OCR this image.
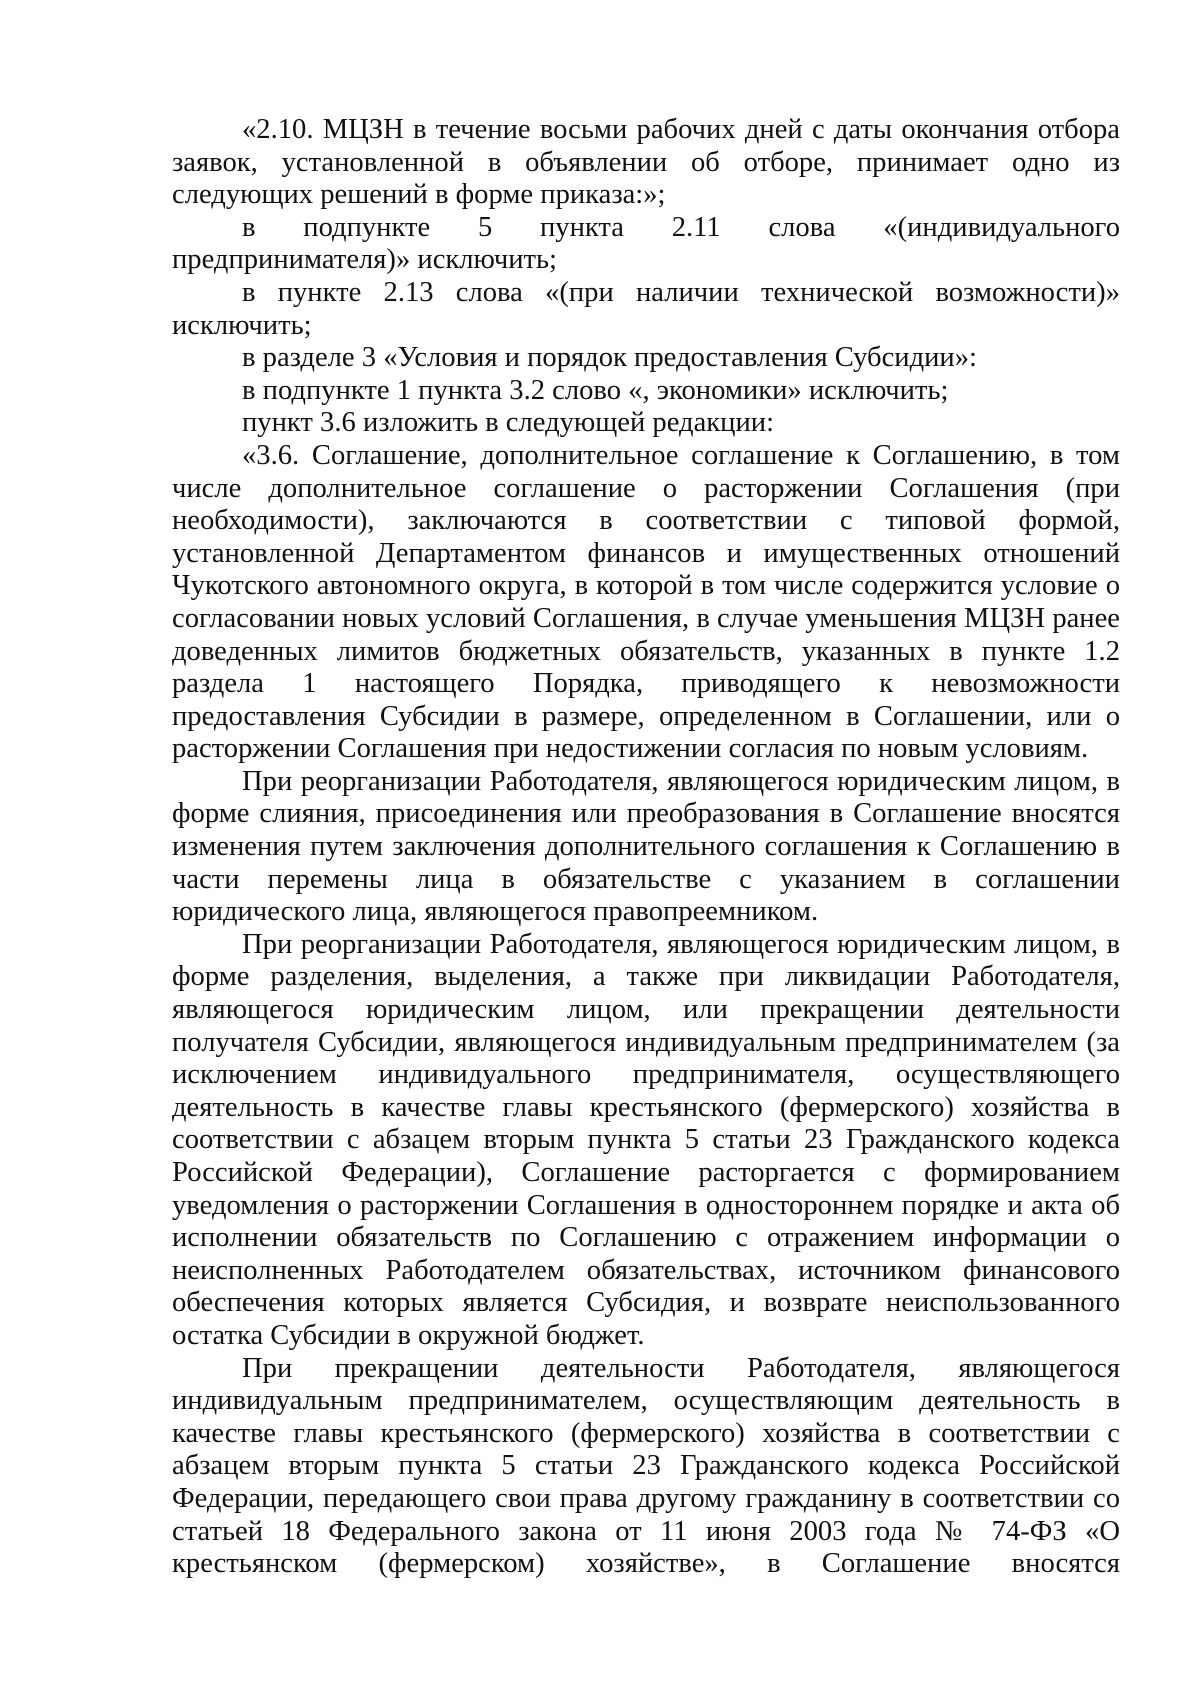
«2.10. МЦЗН в течение восьми рабочих дней с даты окончания отбора заявок, установленной в объявлении об отборе, принимает одно из следующих решений в форме приказа:»;

в подпункте 5 пункта 2.11 слова «(индивидуального предпринимателя)» исключить;

в пункте 2.13 слова «(при наличии технической возможности)» исключить;

в разделе 3 «Условия и порядок предоставления Субсидии»:

в подпункте 1 пункта 3.2 слово «, экономики» исключить;

пункт 3.6 изложить в следующей редакции:

«3.6. Соглашение, дополнительное соглашение к Соглашению, в том числе дополнительное соглашение о расторжении Соглашения (при необходимости), заключаются в соответствии с типовой формой, установленной Департаментом финансов и имущественных отношений Чукотского автономного округа, в которой в том числе содержится условие о согласовании новых условий Соглашения, в случае уменьшения МЦЗН ранее доведенных лимитов бюджетных обязательств, указанных в пункте 1.2 раздела 1 настоящего Порядка, приводящего к невозможности предоставления Субсидии в размере, определенном в Соглашении, или о расторжении Соглашения при недостижении согласия по новым условиям.

При реорганизации Работодателя, являющегося юридическим лицом, в форме слияния, присоединения или преобразования в Соглашение вносятся изменения путем заключения дополнительного соглашения к Соглашению в части перемены лица в обязательстве с указанием в соглашении юридического лица, являющегося правопреемником.

При реорганизации Работодателя, являющегося юридическим лицом, в форме разделения, выделения, а также при ликвидации Работодателя, являющегося юридическим лицом, или прекращении деятельности получателя Субсидии, являющегося индивидуальным предпринимателем (за исключением индивидуального предпринимателя, осуществляющего деятельность в качестве главы крестьянского (фермерского) хозяйства в соответствии с абзацем вторым пункта 5 статьи 23 Гражданского кодекса Российской Федерации), Соглашение расторгается с формированием уведомления о расторжении Соглашения в одностороннем порядке и акта об исполнении обязательств по Соглашению с отражением информации о неисполненных Работодателем обязательствах, источником финансового обеспечения которых является Субсидия, и возврате неиспользованного остатка Субсидии в окружной бюджет.

При прекращении деятельности Работодателя, являющегося индивидуальным предпринимателем, осуществляющим деятельность в качестве главы крестьянского (фермерского) хозяйства в соответствии с абзацем вторым пункта 5 статьи 23 Гражданского кодекса Российской Федерации, передающего свои права другому гражданину в соответствии со статьей 18 Федерального закона от 11 июня 2003 года № 74-ФЗ «О крестьянском (фермерском) хозяйстве», в Соглашение вносятся
